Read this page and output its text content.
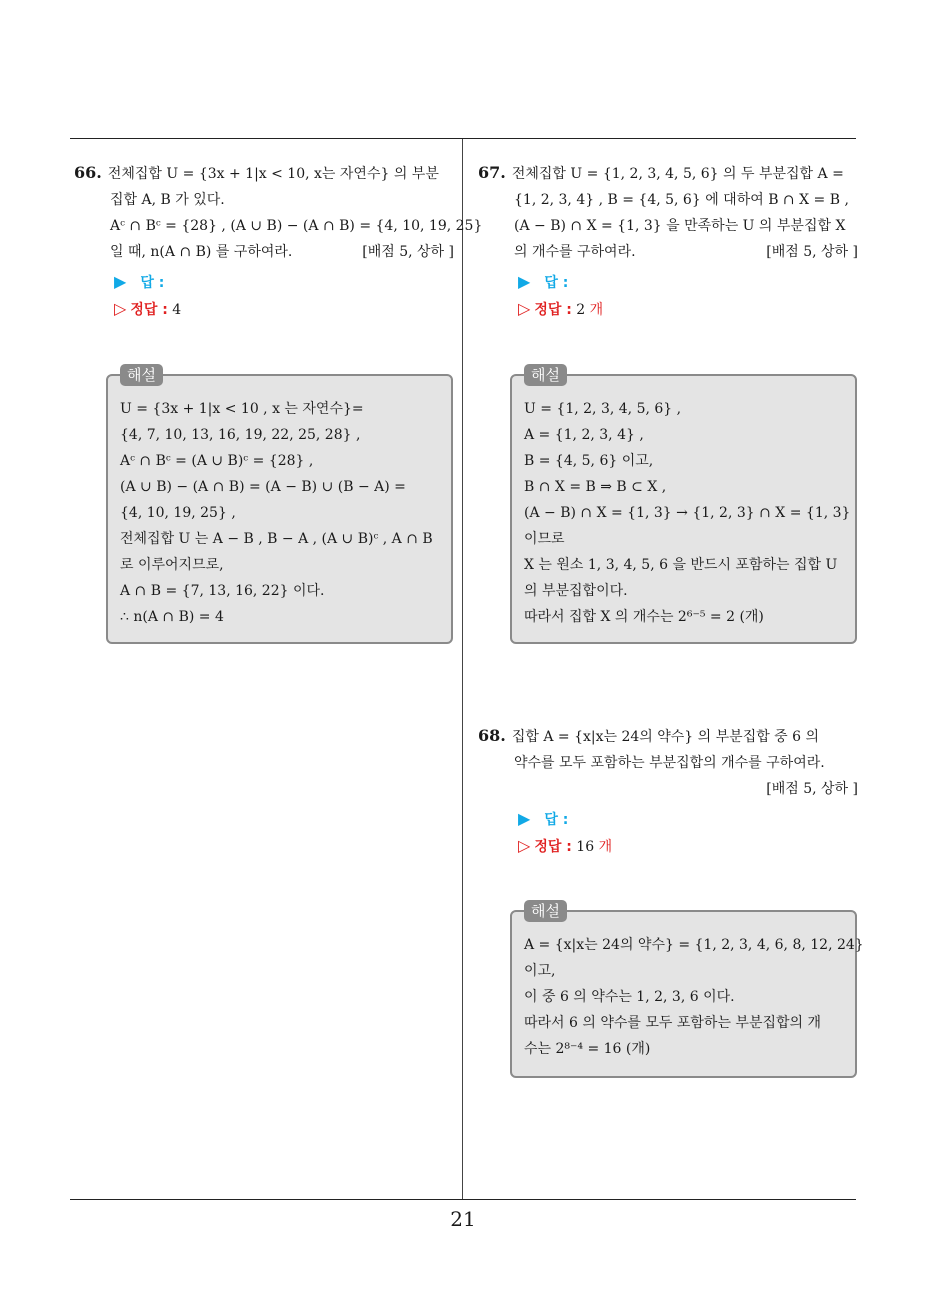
21
66. 전체집합 U = {3x + 1|x < 10, x는 자연수} 의 부분
집합 A, B 가 있다.
Aᶜ ∩ Bᶜ = {28} , (A ∪ B) − (A ∩ B) = {4, 10, 19, 25}
일 때, n(A ∩ B) 를 구하여라.	[배점 5, 상하 ]
▶ 답 :
▷ 정답 : 4
해설
U = {3x + 1|x < 10 , x 는 자연수}=
{4, 7, 10, 13, 16, 19, 22, 25, 28} ,
Aᶜ ∩ Bᶜ = (A ∪ B)ᶜ = {28} ,
(A ∪ B) − (A ∩ B) = (A − B) ∪ (B − A) =
{4, 10, 19, 25} ,
전체집합 U 는 A − B , B − A , (A ∪ B)ᶜ , A ∩ B
로 이루어지므로,
A ∩ B = {7, 13, 16, 22} 이다.
∴ n(A ∩ B) = 4
67. 전체집합 U = {1, 2, 3, 4, 5, 6} 의 두 부분집합 A =
{1, 2, 3, 4} , B = {4, 5, 6} 에 대하여 B ∩ X = B ,
(A − B) ∩ X = {1, 3} 을 만족하는 U 의 부분집합 X
의 개수를 구하여라.	[배점 5, 상하 ]
▶ 답 :
▷ 정답 : 2 개
해설
U = {1, 2, 3, 4, 5, 6} ,
A = {1, 2, 3, 4} ,
B = {4, 5, 6} 이고,
B ∩ X = B ⇒ B ⊂ X ,
(A − B) ∩ X = {1, 3} → {1, 2, 3} ∩ X = {1, 3}
이므로
X 는 원소 1, 3, 4, 5, 6 을 반드시 포함하는 집합 U
의 부분집합이다.
따라서 집합 X 의 개수는 2⁶⁻⁵ = 2 (개)
68. 집합 A = {x|x는 24의 약수} 의 부분집합 중 6 의
약수를 모두 포함하는 부분집합의 개수를 구하여라.
[배점 5, 상하 ]
▶ 답 :
▷ 정답 : 16 개
해설
A = {x|x는 24의 약수} = {1, 2, 3, 4, 6, 8, 12, 24}
이고,
이 중 6 의 약수는 1, 2, 3, 6 이다.
따라서 6 의 약수를 모두 포함하는 부분집합의 개
수는 2⁸⁻⁴ = 16 (개)
